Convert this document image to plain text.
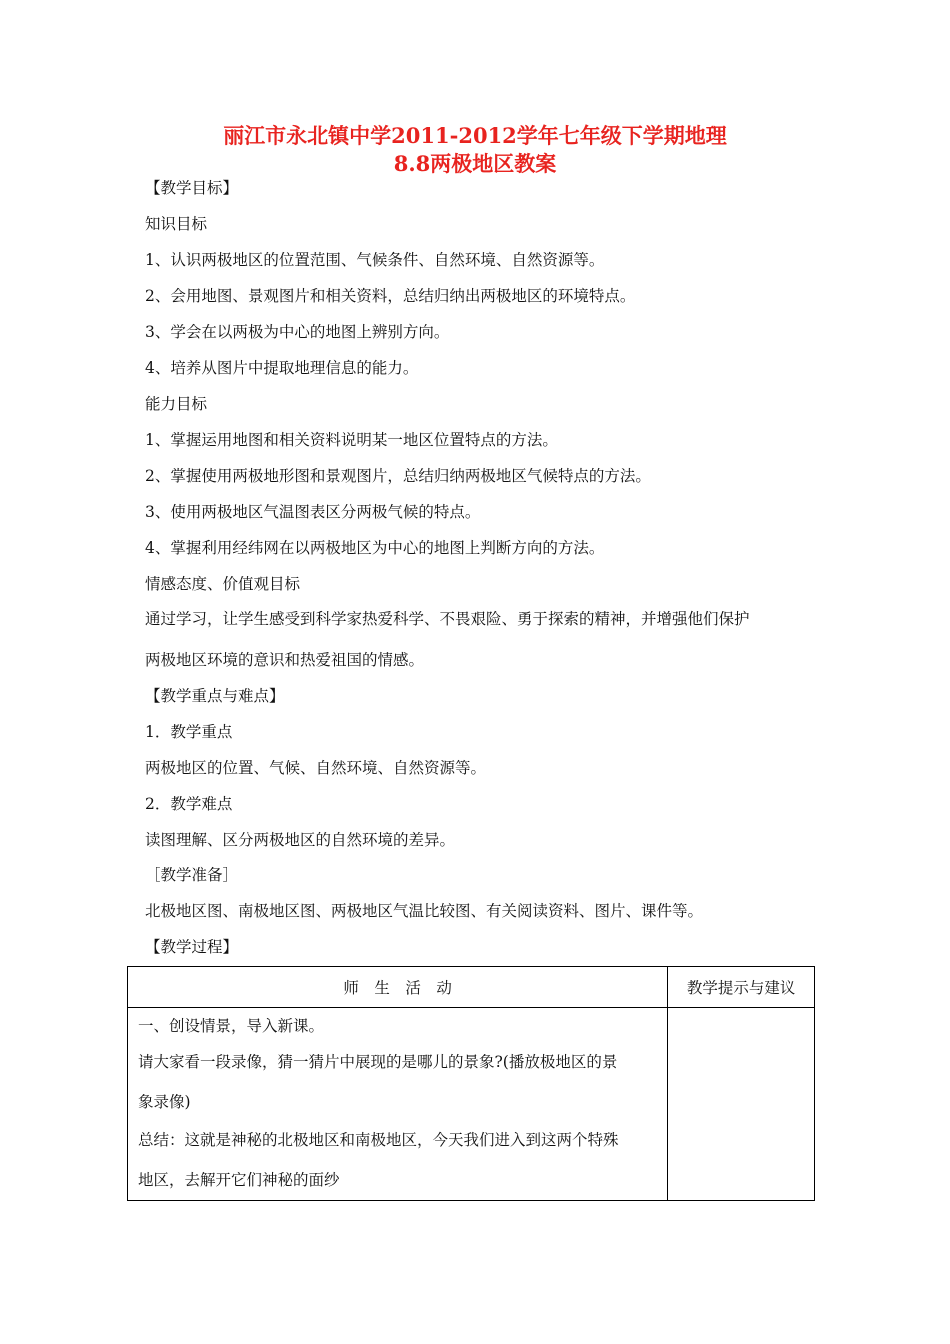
丽江市永北镇中学2011-2012学年七年级下学期地理
8.8两极地区教案
【教学目标】
知识目标
1、认识两极地区的位置范围、气候条件、自然环境、自然资源等。
2、会用地图、景观图片和相关资料，总结归纳出两极地区的环境特点。
3、学会在以两极为中心的地图上辨别方向。
4、培养从图片中提取地理信息的能力。
能力目标
1、掌握运用地图和相关资料说明某一地区位置特点的方法。
2、掌握使用两极地形图和景观图片，总结归纳两极地区气候特点的方法。
3、使用两极地区气温图表区分两极气候的特点。
4、掌握利用经纬网在以两极地区为中心的地图上判断方向的方法。
情感态度、价值观目标
通过学习，让学生感受到科学家热爱科学、不畏艰险、勇于探索的精神，并增强他们保护
两极地区环境的意识和热爱祖国的情感。
【教学重点与难点】
1．教学重点
两极地区的位置、气候、自然环境、自然资源等。
2．教学难点
读图理解、区分两极地区的自然环境的差异。
［教学准备］
北极地区图、南极地区图、两极地区气温比较图、有关阅读资料、图片、课件等。
【教学过程】
师　生　活　动	教学提示与建议

一、创设情景，导入新课。
请大家看一段录像，猜一猜片中展现的是哪儿的景象?(播放极地区的景
象录像)
总结：这就是神秘的北极地区和南极地区，今天我们进入到这两个特殊
地区，去解开它们神秘的面纱	
